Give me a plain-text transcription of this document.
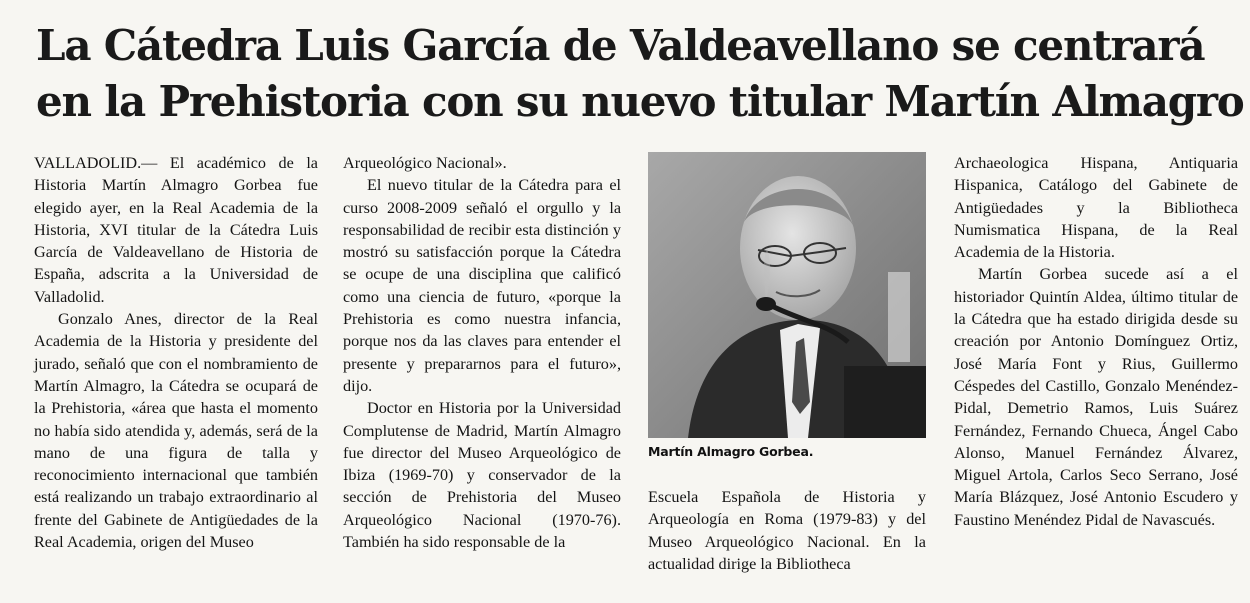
La Cátedra Luis García de Valdeavellano se centrará
en la Prehistoria con su nuevo titular Martín Almagro

VALLADOLID.— El académico de la Historia Martín Almagro Gorbea fue elegido ayer, en la Real Academia de la Historia, XVI titular de la Cátedra Luis García de Valdeavellano de Historia de España, adscrita a la Universidad de Valladolid.

Gonzalo Anes, director de la Real Academia de la Historia y presidente del jurado, señaló que con el nombramiento de Martín Almagro, la Cátedra se ocupará de la Prehistoria, «área que hasta el momento no había sido atendida y, además, será de la mano de una figura de talla y reconocimiento internacional que también está realizando un trabajo extraordinario al frente del Gabinete de Antigüedades de la Real Academia, origen del Museo

Arqueológico Nacional».

El nuevo titular de la Cátedra para el curso 2008-2009 señaló el orgullo y la responsabilidad de recibir esta distinción y mostró su satisfacción porque la Cátedra se ocupe de una disciplina que calificó como una ciencia de futuro, «porque la Prehistoria es como nuestra infancia, porque nos da las claves para entender el presente y prepararnos para el futuro», dijo.

Doctor en Historia por la Universidad Complutense de Madrid, Martín Almagro fue director del Museo Arqueológico de Ibiza (1969-70) y conservador de la sección de Prehistoria del Museo Arqueológico Nacional (1970-76). También ha sido responsable de la

Martín Almagro Gorbea.

Escuela Española de Historia y Arqueología en Roma (1979-83) y del Museo Arqueológico Nacional. En la actualidad dirige la Bibliotheca

Archaeologica Hispana, Antiquaria Hispanica, Catálogo del Gabinete de Antigüedades y la Bibliotheca Numismatica Hispana, de la Real Academia de la Historia.

Martín Gorbea sucede así a el historiador Quintín Aldea, último titular de la Cátedra que ha estado dirigida desde su creación por Antonio Domínguez Ortiz, José María Font y Rius, Guillermo Céspedes del Castillo, Gonzalo Menéndez-Pidal, Demetrio Ramos, Luis Suárez Fernández, Fernando Chueca, Ángel Cabo Alonso, Manuel Fernández Álvarez, Miguel Artola, Carlos Seco Serrano, José María Blázquez, José Antonio Escudero y Faustino Menéndez Pidal de Navascués.
